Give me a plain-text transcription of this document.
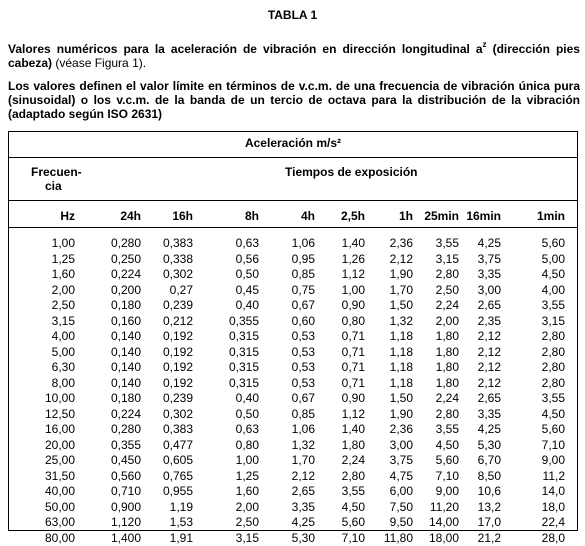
TABLA 1
Valores numéricos para la aceleración de vibración en dirección longitudinal $a^z$ (dirección pies cabeza) (véase Figura 1).
Los valores definen el valor límite en términos de v.c.m. de una frecuencia de vibración única pura (sinusoidal) o los v.c.m. de la banda de un tercio de octava para la distribución de la vibración (adaptado según ISO 2631)
Aceleración m/s²
Frecuen-
cia
Tiempos de exposición
Hz	24h	16h	8h	4h 2,5h	1h 25min 16min	1min
1,00	0,280 0,383	0,63	1,06 1,40 2,36 3,55 4,25	5,60
1,25	0,250 0,338	0,56	0,95 1,26 2,12 3,15 3,75	5,00
1,60	0,224 0,302	0,50	0,85 1,12 1,90 2,80 3,35	4,50
2,00	0,200 0,27	0,45	0,75 1,00 1,70 2,50 3,00	4,00
2,50	0,180 0,239	0,40	0,67 0,90 1,50 2,24 2,65	3,55
3,15	0,160 0,212	0,355	0,60 0,80 1,32 2,00 2,35	3,15
4,00	0,140 0,192	0,315	0,53 0,71 1,18 1,80 2,12	2,80
5,00	0,140 0,192	0,315	0,53 0,71 1,18 1,80 2,12	2,80
6,30	0,140 0,192	0,315	0,53 0,71 1,18 1,80 2,12	2,80
8,00	0,140 0,192	0,315	0,53 0,71 1,18 1,80 2,12	2,80
10,00	0,180 0,239	0,40	0,67 0,90 1,50 2,24 2,65	3,55
12,50	0,224 0,302	0,50	0,85 1,12 1,90 2,80 3,35	4,50
16,00	0,280 0,383	0,63	1,06 1,40 2,36 3,55 4,25	5,60
20,00	0,355 0,477	0,80	1,32 1,80 3,00 4,50 5,30	7,10
25,00	0,450 0,605	1,00	1,70 2,24 3,75 5,60 6,70	9,00
31,50	0,560 0,765	1,25	2,12 2,80 4,75 7,10 8,50	11,2
40,00	0,710 0,955	1,60	2,65 3,55 6,00 9,00 10,6	14,0
50,00	0,900 1,19	2,00	3,35 4,50 7,50 11,20 13,2	18,0
63,00	1,120 1,53	2,50	4,25 5,60 9,50 14,00 17,0	22,4
80,00	1,400 1,91	3,15	5,30 7,10 11,80 18,00 21,2	28,0
